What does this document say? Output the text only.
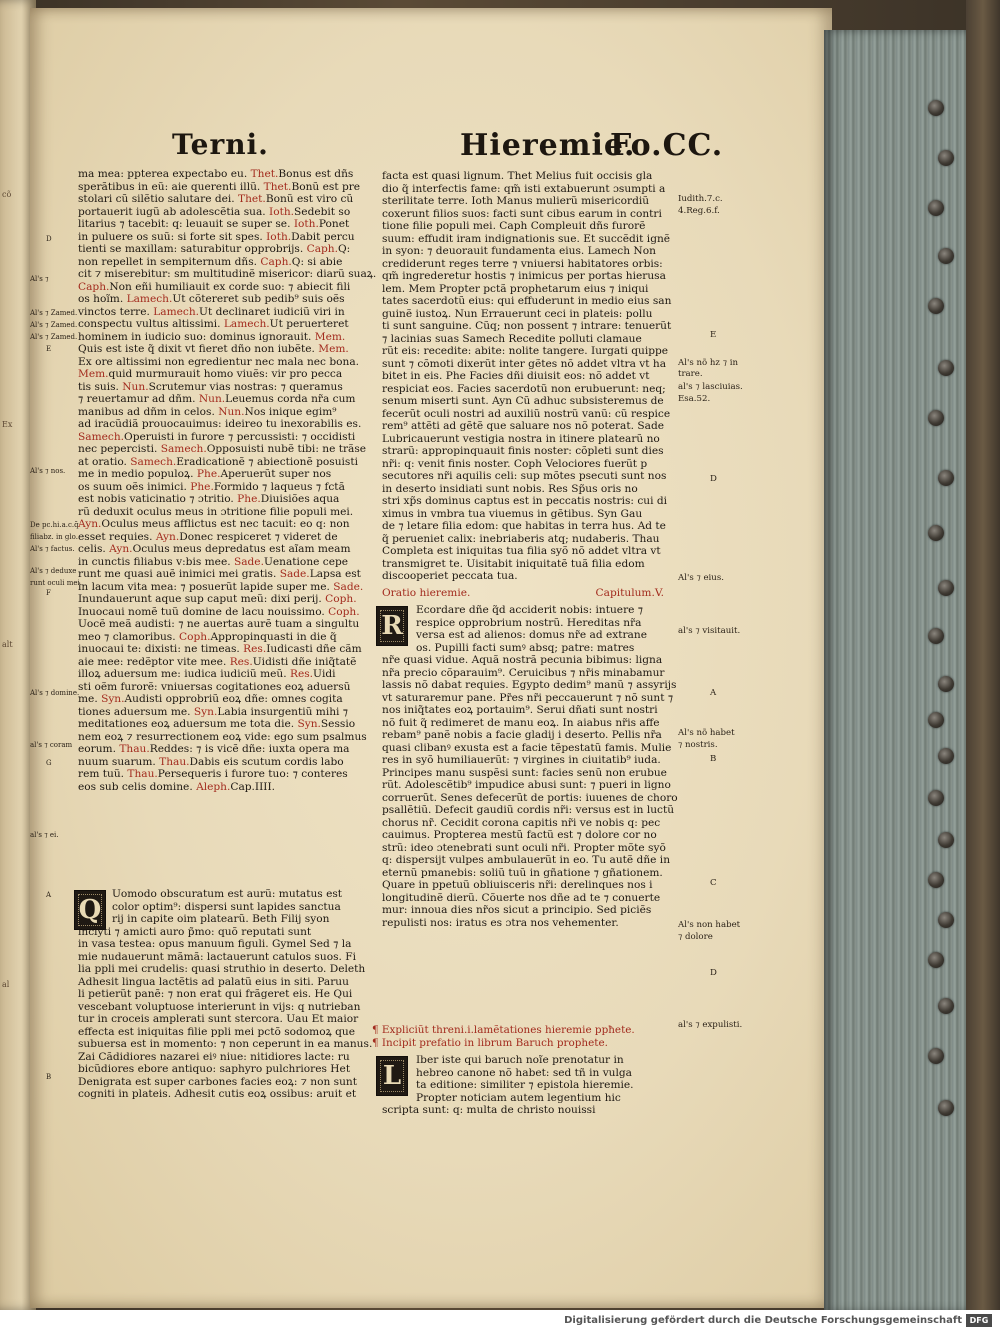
cõ
Ex
alt
al
Terni.	Hieremie.
Fo.CC.

ma mea: ppterea expectabo eu. Thet.Bonus est dñs

sperãtibus in eũ: aie querenti illũ. Thet.Bonũ est pre

stolari cũ silẽtio salutare dei. Thet.Bonũ est viro cũ

portauerit iugũ ab adolescẽtia sua. Ioth.Sedebit so

litarius ⁊ tacebit: q: leuauit se super se. Ioth.Ponet

in puluere os suũ: si forte sit spes. Ioth.Dabit percu

tienti se maxillam: saturabitur opprobrijs. Caph.Q:

non repellet in sempiternum dñs. Caph.Q: si abie

cit ⁊ miserebitur: sm multitudinẽ misericor: diarũ suaꝝ.

Caph.Non eñi humiliauit ex corde suo: ⁊ abiecit fili

os hoĩm. Lamech.Ut cõtereret sub pedib⁹ suis oẽs

vinctos terre. Lamech.Ut declinaret iudiciũ viri in

conspectu vultus altissimi. Lamech.Ut peruerteret

hominem in iudicio suo: dominus ignorauit. Mem.

Quis est iste q̃ dixit vt fieret dño non iubẽte. Mem.

Ex ore altissimi non egredientur nec mala nec bona.

Mem.quid murmurauit homo viuẽs: vir pro pecca

tis suis. Nun.Scrutemur vias nostras: ⁊ queramus

⁊ reuertamur ad dñm. Nun.Leuemus corda nr̃a cum

manibus ad dñm in celos. Nun.Nos inique egim⁹

ad iracũdiã prouocauimus: ideireo tu inexorabilis es.

Samech.Operuisti in furore ⁊ percussisti: ⁊ occidisti

nec pepercisti. Samech.Opposuisti nubẽ tibi: ne trãse

at oratio. Samech.Eradicationẽ ⁊ abiectionẽ posuisti

me in medio populoꝝ. Phe.Aperuerũt super nos

os suum oẽs inimici. Phe.Formido ⁊ laqueus ⁊ fctã

est nobis vaticinatio ⁊ ɔtritio. Phe.Diuisiões aqua

rũ deduxit oculus meus in ɔtritione filie populi mei.

Ayn.Oculus meus afflictus est nec tacuit: eo q: non

esset requies. Ayn.Donec respiceret ⁊ videret de

celis. Ayn.Oculus meus depredatus est aĩam meam

in cunctis filiabus v:bis mee. Sade.Uenatione cepe

runt me quasi auẽ inimici mei gratis. Sade.Lapsa est

in lacum vita mea: ⁊ posuerũt lapide super me. Sade.

Inundauerunt aque sup caput meũ: dixi perij. Coph.

Inuocaui nomẽ tuũ domine de lacu nouissimo. Coph.

Uocẽ meã audisti: ⁊ ne auertas aurẽ tuam a singultu

meo ⁊ clamoribus. Coph.Appropinquasti in die q̃

inuocaui te: dixisti: ne timeas. Res.Iudicasti dñe cãm

aie mee: redẽptor vite mee. Res.Uidisti dñe iniq̃tatẽ

illoꝝ aduersum me: iudica iudiciũ meũ. Res.Uidi

sti oẽm furorẽ: vniuersas cogitationes eoꝝ aduersũ

me. Syn.Audisti opprobriũ eoꝝ dñe: omnes cogita

tiones aduersum me. Syn.Labia insurgentiũ mihi ⁊

meditationes eoꝝ aduersum me tota die. Syn.Sessio

nem eoꝝ ⁊ resurrectionem eoꝝ vide: ego sum psalmus

eorum. Thau.Reddes: ⁊ is vicẽ dñe: iuxta opera ma

nuum suarum. Thau.Dabis eis scutum cordis labo

rem tuũ. Thau.Persequeris i furore tuo: ⁊ conteres

eos sub celis domine. Aleph.Cap.IIII.

Q

Uomodo obscuratum est aurũ: mutatus est

color optim⁹: dispersi sunt lapides sanctua

rij in capite oim platearũ. Beth Filij syon

inclyti ⁊ amicti auro p̃mo: quõ reputati sunt

in vasa testea: opus manuum figuli. Gymel Sed ⁊ la

mie nudauerunt mãmã: lactauerunt catulos suos. Fi

lia ppli mei crudelis: quasi struthio in deserto. Deleth

Adhesit lingua lactẽtis ad palatũ eius in siti. Paruu

li petierũt panẽ: ⁊ non erat qui frãgeret eis. He Qui

vescebant voluptuose interierunt in vijs: q nutrieban

tur in croceis amplerati sunt stercora. Uau Et maior

effecta est iniquitas filie ppli mei pctõ sodomoꝝ que

subuersa est in momento: ⁊ non ceperunt in ea manus.

Zai Cãdidiores nazarei eiꝰ niue: nitidiores lacte: ru

bicũdiores ebore antiquo: saphyro pulchriores Het

Denigrata est super carbones facies eoꝝ: ⁊ non sunt

cogniti in plateis. Adhesit cutis eoꝝ ossibus: aruit et

facta est quasi lignum. Thet Melius fuit occisis gla

dio q̃ interfectis fame: qm̃ isti extabuerunt ɔsumpti a

sterilitate terre. Ioth Manus mulierũ misericordiũ

coxerunt filios suos: facti sunt cibus earum in contri

tione filie populi mei. Caph Compleuit dñs furorẽ

suum: effudit iram indignationis sue. Et succẽdit ignẽ

in syon: ⁊ deuorauit fundamenta eius. Lamech Non

crediderunt reges terre ⁊ vniuersi habitatores orbis:

qm̃ ingrederetur hostis ⁊ inimicus per portas hierusa

lem. Mem Propter pctã prophetarum eius ⁊ iniqui

tates sacerdotũ eius: qui effuderunt in medio eius san

guinẽ iustoꝝ. Nun Errauerunt ceci in plateis: pollu

ti sunt sanguine. Cũq; non possent ⁊ intrare: tenuerũt

⁊ lacinias suas Samech Recedite polluti clamaue

rũt eis: recedite: abite: nolite tangere. Iurgati quippe

sunt ⁊ cõmoti dixerũt inter gẽtes nõ addet vltra vt ha

bitet in eis. Phe Facies dñi diuisit eos: nõ addet vt

respiciat eos. Facies sacerdotũ non erubuerunt: neq;

senum miserti sunt. Ayn Cũ adhuc subsisteremus de

fecerũt oculi nostri ad auxiliũ nostrũ vanũ: cũ respice

rem⁹ attẽti ad gẽtẽ que saluare nos nõ poterat. Sade

Lubricauerunt vestigia nostra in itinere platearũ no

strarũ: appropinquauit finis noster: cõpleti sunt dies

nr̃i: q: venit finis noster. Coph Velociores fuerũt p

secutores nr̃i aquilis celi: sup mõtes psecuti sunt nos

in deserto insidiati sunt nobis. Res Sp̃us oris no

stri xp̃s dominus captus est in peccatis nostris: cui di

ximus in vmbra tua viuemus in gẽtibus. Syn Gau

de ⁊ letare filia edom: que habitas in terra hus. Ad te

q̃ perueniet calix: inebriaberis atq; nudaberis. Thau

Completa est iniquitas tua filia syõ nõ addet vltra vt

transmigret te. Uisitabit iniquitatẽ tuã filia edom

discooperiet peccata tua.

Oratio hieremie.	Capitulum.V.
R

Ecordare dñe q̃d acciderit nobis: intuere ⁊

respice opprobrium nostrũ. Hereditas nr̃a

versa est ad alienos: domus nr̃e ad extrane

os. Pupilli facti sumꝰ absq; patre: matres

nr̃e quasi vidue. Aquã nostrã pecunia bibimus: ligna

nr̃a precio cõparauim⁹. Ceruicibus ⁊ nr̃is minabamur

lassis nõ dabat requies. Egypto dedim⁹ manũ ⁊ assyrijs

vt saturaremur pane. Pr̃es nr̃i peccauerunt ⁊ nõ sunt ⁊

nos iniq̃tates eoꝝ portauim⁹. Serui dñati sunt nostri

nõ fuit q̃ redimeret de manu eoꝝ. In aiabus nr̃is affe

rebam⁹ panẽ nobis a facie gladij i deserto. Pellis nr̃a

quasi clibanꝰ exusta est a facie tẽpestatũ famis. Mulie

res in syõ humiliauerũt: ⁊ virgines in ciuitatib⁹ iuda.

Principes manu suspẽsi sunt: facies senũ non erubue

rũt. Adolescẽtib⁹ impudice abusi sunt: ⁊ pueri in ligno

corruerũt. Senes defecerũt de portis: iuuenes de choro

psallẽtiũ. Defecit gaudiũ cordis nr̃i: versus est in luctũ

chorus nr̃. Cecidit corona capitis nr̃i ve nobis q: pec

cauimus. Propterea mestũ factũ est ⁊ dolore cor no

strũ: ideo ɔtenebrati sunt oculi nr̃i. Propter mõte syõ

q: dispersijt vulpes ambulauerũt in eo. Tu autẽ dñe in

eternũ pmanebis: soliũ tuũ in gñatione ⁊ gñationem.

Quare in ppetuũ obliuisceris nr̃i: derelinques nos i

longitudinẽ dierũ. Cõuerte nos dñe ad te ⁊ conuerte

mur: innoua dies nr̃os sicut a principio. Sed piciẽs

repulisti nos: iratus es ɔtra nos vehementer.

¶ Expliciũt threni.i.lamẽtationes hieremie ppħete.

¶ Incipit prefatio in librum Baruch prophete.

L

Iber iste qui baruch noĩe prenotatur in

hebreo canone nõ habet: sed tñ in vulga

ta editione: similiter ⁊ epistola hieremie.

Propter noticiam autem legentium hic

scripta sunt: q: multa de christo nouissi

Iudith.7.c.
4.Reg.6.f.
E
Al's nõ hz ⁊ in
trare.
al's ⁊ lasciuias.
Esa.52.
D
Al's ⁊ eius.
al's ⁊ visitauit.
A
Al's nõ habet
⁊ nostris.
B
C
Al's non habet
⁊ dolore
D
al's ⁊ expulisti.
D
Al's ⁊
Al's ⁊ Zamed.
Al's ⁊ Zamed.
Al's ⁊ Zamed.
E
Al's ⁊ nos.
De pc.hi.a.c.q̃
filiabz. in glo.
Al's ⁊ factus.
Al's ⁊ deduxe
runt oculi mei.
F
Al's ⁊ domine.
al's ⁊ coram
G
al's ⁊ ei.
A
B
Digitalisierung gefördert durch die Deutsche Forschungsgemeinschaft DFG
